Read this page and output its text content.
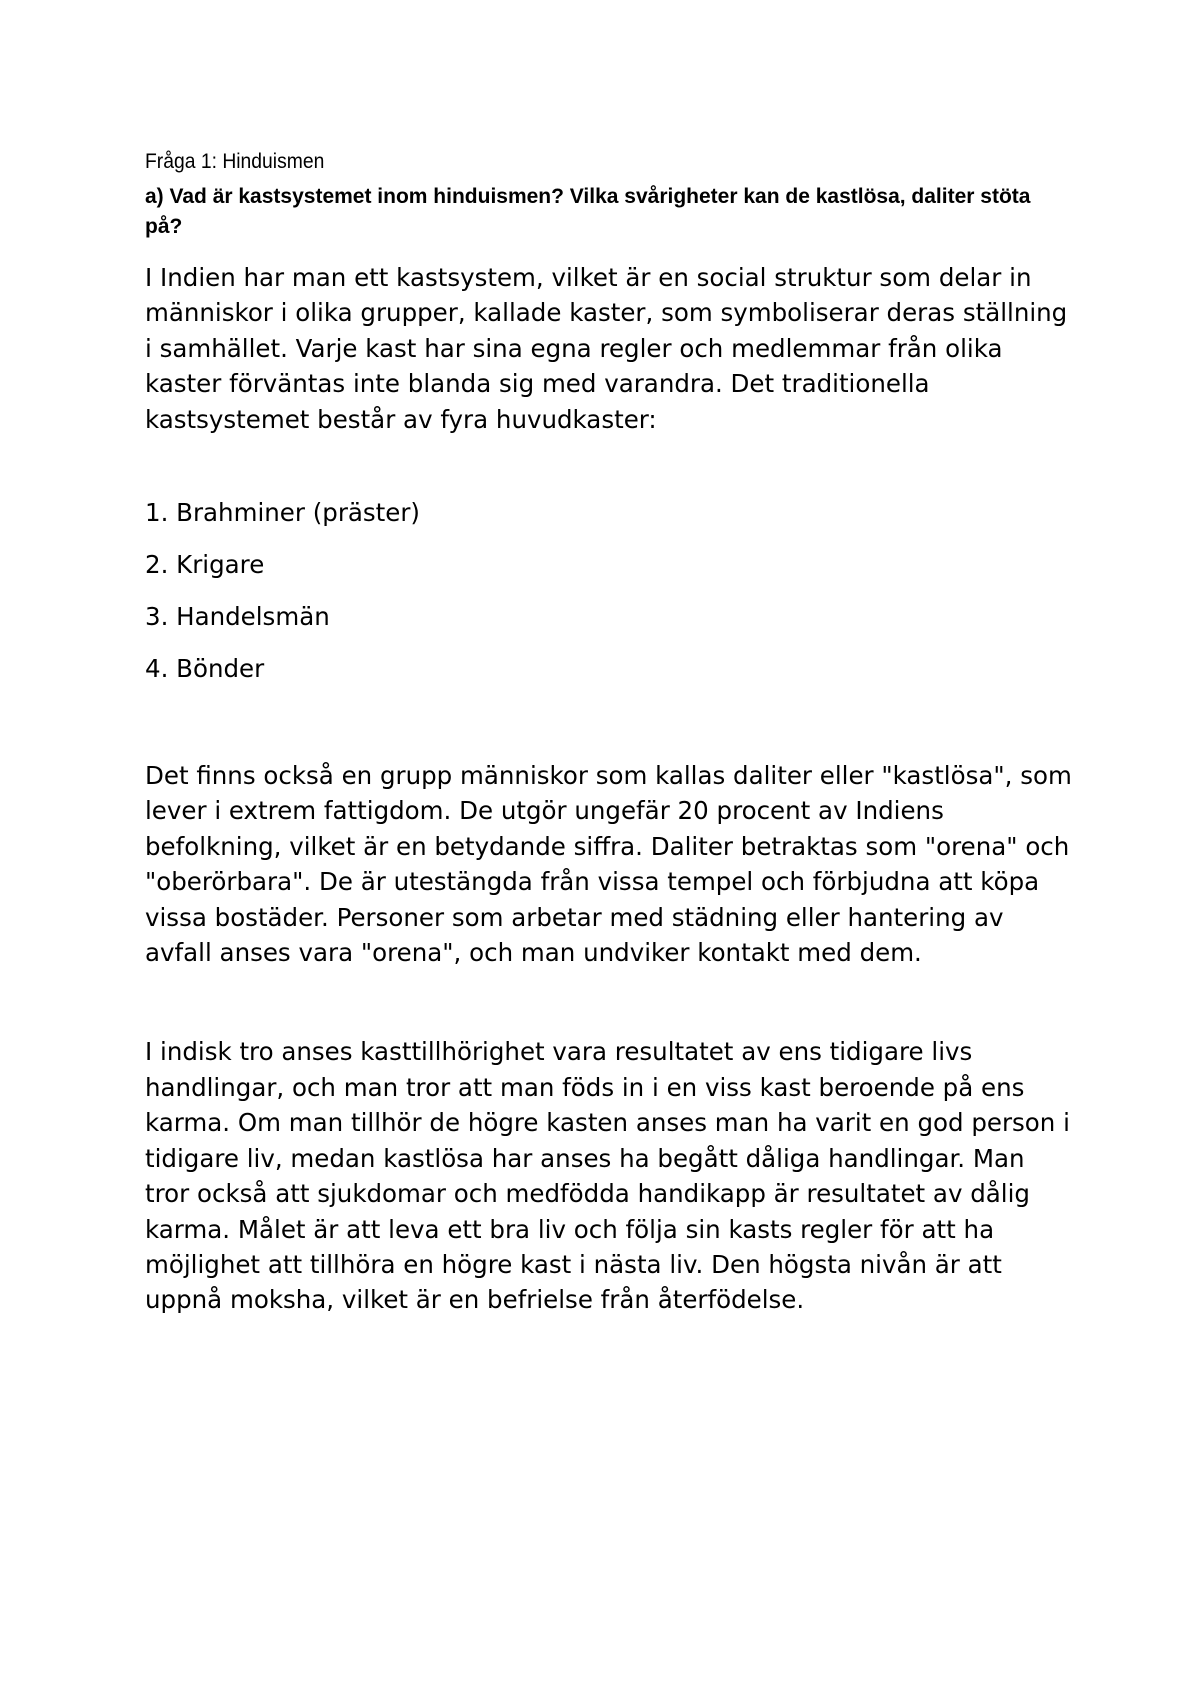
Fråga 1: Hinduismen
a) Vad är kastsystemet inom hinduismen? Vilka svårigheter kan de kastlösa, daliter stöta på?

I Indien har man ett kastsystem, vilket är en social struktur som delar in människor i olika grupper, kallade kaster, som symboliserar deras ställning i samhället. Varje kast har sina egna regler och medlemmar från olika kaster förväntas inte blanda sig med varandra. Det traditionella kastsystemet består av fyra huvudkaster:

1. Brahminer (präster)
2. Krigare
3. Handelsmän
4. Bönder

Det finns också en grupp människor som kallas daliter eller "kastlösa", som lever i extrem fattigdom. De utgör ungefär 20 procent av Indiens befolkning, vilket är en betydande siffra. Daliter betraktas som "orena" och "oberörbara". De är utestängda från vissa tempel och förbjudna att köpa vissa bostäder. Personer som arbetar med städning eller hantering av avfall anses vara "orena", och man undviker kontakt med dem.

I indisk tro anses kasttillhörighet vara resultatet av ens tidigare livs handlingar, och man tror att man föds in i en viss kast beroende på ens karma. Om man tillhör de högre kasten anses man ha varit en god person i tidigare liv, medan kastlösa har anses ha begått dåliga handlingar. Man tror också att sjukdomar och medfödda handikapp är resultatet av dålig karma. Målet är att leva ett bra liv och följa sin kasts regler för att ha möjlighet att tillhöra en högre kast i nästa liv. Den högsta nivån är att uppnå moksha, vilket är en befrielse från återfödelse.
